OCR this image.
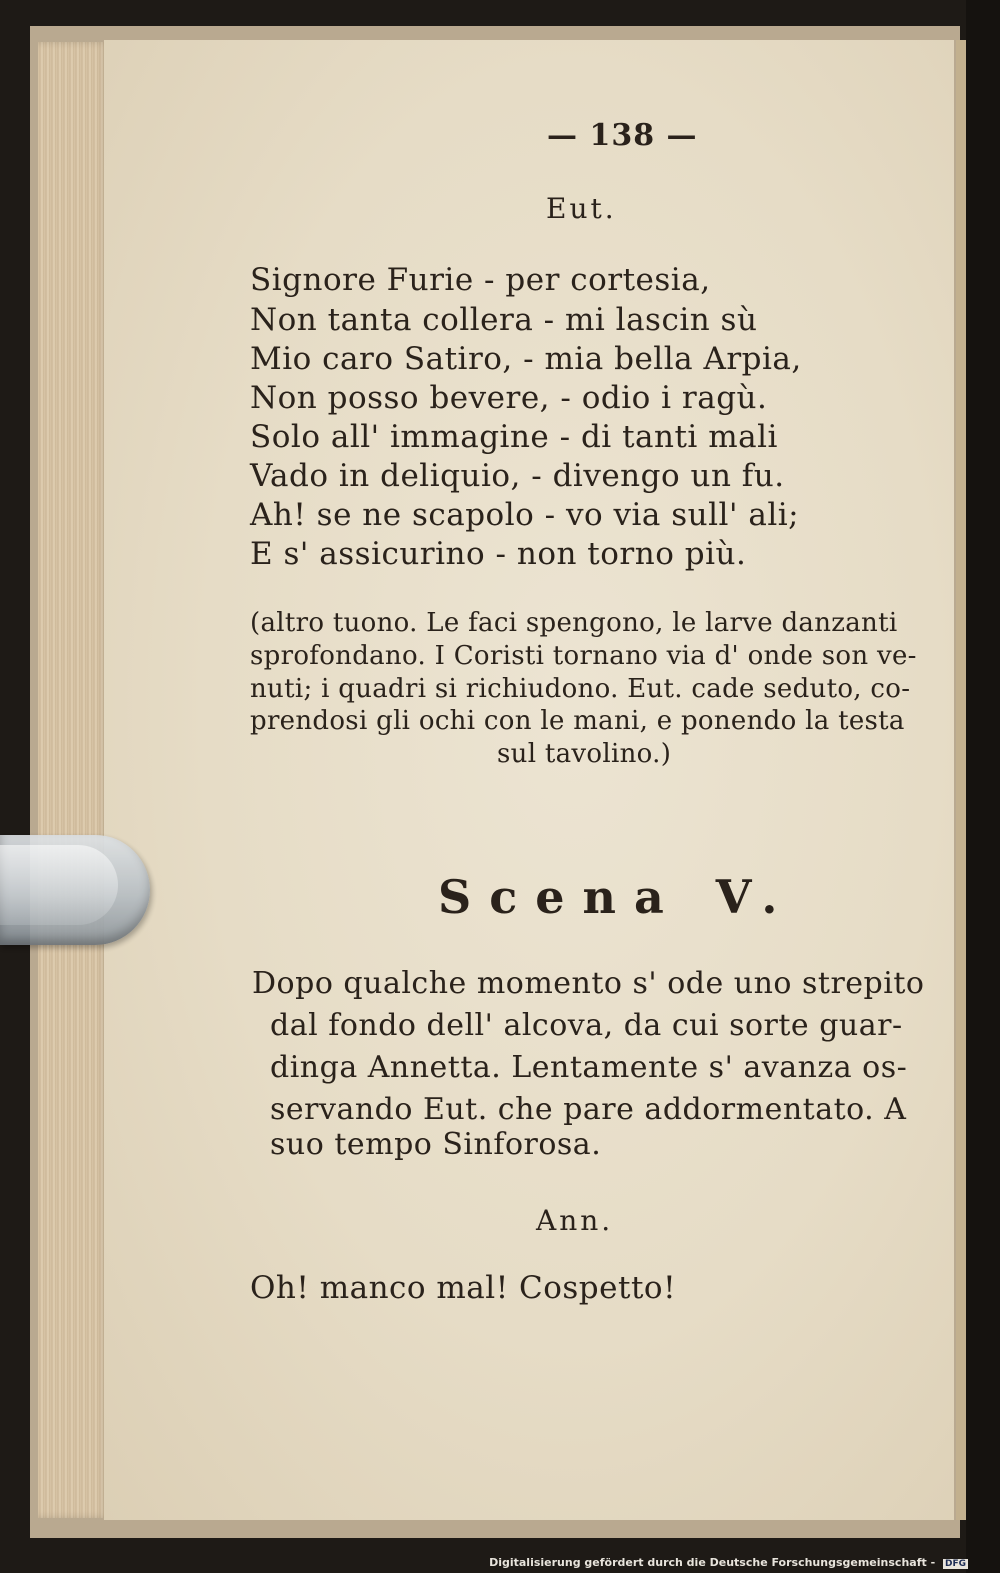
— 138 —
Eut.
Signore Furie - per cortesia,
Non tanta collera - mi lascin sù
Mio caro Satiro, - mia bella Arpia,
Non posso bevere, - odio i ragù.
Solo all' immagine - di tanti mali
Vado in deliquio, - divengo un fu.
Ah! se ne scapolo - vo via sull' ali;
E s' assicurino - non torno più.
(altro tuono. Le faci spengono, le larve danzanti
sprofondano. I Coristi tornano via d' onde son ve-
nuti; i quadri si richiudono. Eut. cade seduto, co-
prendosi gli ochi con le mani, e ponendo la testa
sul tavolino.)
Scena V.
Dopo qualche momento s' ode uno strepito
dal fondo dell' alcova, da cui sorte guar-
dinga Annetta. Lentamente s' avanza os-
servando Eut. che pare addormentato. A
suo tempo Sinforosa.
Ann.
Oh! manco mal! Cospetto!
Digitalisierung gefördert durch die Deutsche Forschungsgemeinschaft - DFG
